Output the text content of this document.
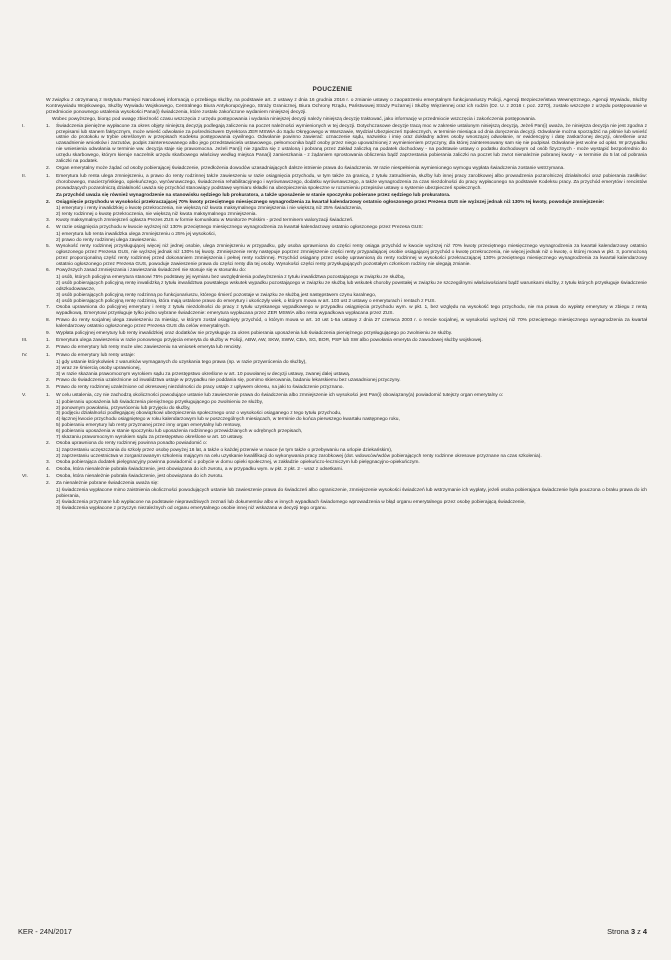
POUCZENIE
W związku z otrzymaną z Instytutu Pamięci Narodowej informacją o przebiegu służby, na podstawie art. 2 ustawy z dnia 16 grudnia 2016 r. o zmianie ustawy o zaopatrzeniu emerytalnym funkcjonariuszy Policji, Agencji Bezpieczeństwa Wewnętrznego, Agencji Wywiadu, Służby Kontrwywiadu Wojskowego, Służby Wywiadu Wojskowego, Centralnego Biura Antykorupcyjnego, Straży Granicznej, Biura Ochrony Rządu, Państwowej Straży Pożarnej i Służby Więziennej oraz ich rodzin (Dz. U. z 2016 r. poz. 2270), zostało wszczęte z urzędu postępowanie w przedmiocie ponownego ustalenia wysokości Pana(i) świadczenia, które zostało zakończone wydaniem niniejszej decyzji.
Wobec powyższego, biorąc pod uwagę zbieżność czasu wszczęcia z urzędu postępowania i wydania niniejszej decyzji należy niniejszą decyzję traktować, jako informację w przedmiocie wszczęcia i zakończenia postępowania.
I.	1.	Świadczenia pieniężne wypłacone za okres objęty niniejszą decyzją podlegają zaliczeniu na poczet należności wymienionych w tej decyzji. Dotychczasowe decyzje tracą moc w zakresie ustalonym niniejszą decyzją. Jeżeli Pan(i) uważa, że niniejsza decyzja nie jest zgodna z przepisami lub stanem faktycznym, może wnieść odwołanie za pośrednictwem Dyrektora ZER MSWiA do Sądu Okręgowego w Warszawie, Wydział Ubezpieczeń Społecznych, w terminie miesiąca od dnia doręczenia decyzji. Odwołanie można sporządzić na piśmie lub wnieść ustnie do protokołu w trybie określonym w przepisach Kodeksu postępowania cywilnego. Odwołanie powinno zawierać: oznaczenie sądu, nazwisko i imię oraz dokładny adres osoby wnoszącej odwołanie, nr ewidencyjny i datę zaskarżonej decyzji, określenie oraz uzasadnienie wniosków i zarzutów, podpis zainteresowanego albo jego przedstawiciela ustawowego, pełnomocnika bądź osoby przez niego upoważnionej z wymienieniem przyczyny, dla której zainteresowany sam się nie podpisał. Odwołanie jest wolne od opłat. W przypadku nie wniesienia odwołania w terminie ww. decyzja staje się prawomocna. Jeżeli Pan(i) nie zgadza się z ustaloną i pobraną przez Zakład zaliczką na podatek dochodowy - na podstawie ustawy o podatku dochodowym od osób fizycznych - może wystąpić bezpośrednio do urzędu skarbowego, którym kieruje naczelnik urzędu skarbowego właściwy według miejsca Pana(i) zamieszkania - z żądaniem sprostowania obliczenia bądź zaprzestania pobierania zaliczki na poczet lub zwrot nienależnie pobranej kwoty - w terminie do 5 lat od pobrania zaliczki na podatek.
2.	Organ emerytalny może żądać od osoby pobierającej świadczenie, przedłożenia dowodów uzasadniających dalsze istnienie prawa do świadczenia. W razie niespełnienia wymienionego wymogu wypłata świadczenia zostanie wstrzymana.
II.	1.	Emerytura lub renta ulega zmniejszeniu, a prawo do renty rodzinnej także zawieszeniu w razie osiągnięcia przychodu, w tym także za granicą, z tytułu zatrudnienia, służby lub innej pracy zarobkowej albo prowadzenia pozarolniczej działalności oraz pobierania zasiłków: chorobowego, macierzyńskiego, opiekuńczego, wyrównawczego, świadczenia rehabilitacyjnego i wyrównawczego, dodatku wyrównawczego, a także wynagrodzenia za czas niezdolności do pracy wypłaconego na podstawie Kodeksu pracy. Za przychód emerytów i rencistów prowadzących pozarolniczą działalność uważa się przychód stanowiący podstawę wymiaru składki na ubezpieczenia społeczne w rozumieniu przepisów ustawy o systemie ubezpieczeń społecznych.
Za przychód uważa się również wynagrodzenie na stanowisku sędziego lub prokuratora, a także uposażenie w stanie spoczynku pobierane przez sędziego lub prokuratora.
2.	Osiągnięcie przychodu w wysokości przekraczającej 70% kwoty przeciętnego miesięcznego wynagrodzenia za kwartał kalendarzowy ostatnio ogłoszonego przez Prezesa GUS nie wyższej jednak niż 130% tej kwoty, powoduje zmniejszenie:
1) emerytury i renty inwalidzkiej o kwotę przekroczenia, nie większą niż kwota maksymalnego zmniejszenia i nie większą niż 25% świadczenia,
2) renty rodzinnej o kwotę przekroczenia, nie większą niż kwota maksymalnego zmniejszenia.
3.	Kwoty maksymalnych zmniejszeń ogłasza Prezes ZUS w formie komunikatu w Monitorze Polskim - przed terminem waloryzacji świadczeń.
4.	W razie osiągnięcia przychodu w kwocie wyższej niż 130% przeciętnego miesięcznego wynagrodzenia za kwartał kalendarzowy ostatnio ogłoszonego przez Prezesa GUS:
1) emerytura lub renta inwalidzka ulega zmniejszeniu o 25% jej wysokości,
2) prawo do renty rodzinnej ulega zawieszeniu.
5.	Wysokość renty rodzinnej przysługującej więcej niż jednej osobie, ulega zmniejszeniu w przypadku, gdy osoba uprawniona do części renty osiąga przychód w kwocie wyższej niż 70% kwoty przeciętnego miesięcznego wynagrodzenia za kwartał kalendarzowy ostatnio ogłoszonego przez Prezesa GUS, nie wyższej jednak niż 130% tej kwoty. Zmniejszenie renty następuje poprzez zmniejszenie części renty przypadającej osobie osiągającej przychód o kwotę przekroczenia, nie więcej jednak niż o kwotę, o której mowa w pkt. 3, pomnożoną przez proporcjonalną część renty rodzinnej przed dokonaniem zmniejszenia i pełnej renty rodzinnej. Przychód osiągany przez osobę uprawnioną do renty rodzinnej w wysokości przekraczającej 130% przeciętnego miesięcznego wynagrodzenia za kwartał kalendarzowy ostatnio ogłoszonego przez Prezesa GUS, powoduje zawieszenie prawa do części renty dla tej osoby. Wysokości części renty przysługujących pozostałym członkom rodziny nie ulegają zmianie.
6.	Powyższych zasad zmniejszania i zawieszania świadczeń nie stosuje się w stosunku do:
1) osób, których policyjna emerytura stanowi 75% podstawy jej wymiaru bez uwzględnienia podwyższenia z tytułu inwalidztwa pozostającego w związku ze służbą,
2) osób pobierających policyjną rentę inwalidzką z tytułu inwalidztwa powstałego wskutek wypadku pozostającego w związku ze służbą lub wskutek choroby powstałej w związku ze szczególnymi właściwościami bądź warunkami służby, z tytułu których przysługuje świadczenie odszkodowawcze,
3) osób pobierających policyjną rentę rodzinną po funkcjonariuszu, którego śmierć pozostaje w związku ze służbą jest następstwem czynu karalnego,
4) osób pobierających policyjną rentę rodzinną, która mają ustalone prawo do emerytury i ukończyły wiek, o którym mowa w art. 103 ust 2 ustawy o emeryturach i rentach z FUS.
7.	Osoba uprawniona do policyjnej emerytury i renty z tytułu niezdolności do pracy z tytułu uzyskanego wypadkowego w przypadku osiągnięcia przychodu wym. w pkt. 1, bez względu na wysokość tego przychodu, nie ma prawa do wypłaty emerytury w zbiegu z rentą wypadkową. Emerytowi przysługuje tylko jedno wybrane świadczenie: emerytura wypłacana przez ZER MSWiA albo renta wypadkowa wypłacana przez ZUS.
8.	Prawo do renty socjalnej ulega zawieszeniu za miesiąc, w którym został osiągnięty przychód, o którym mowa w art. 10 ust 1-5a ustawy z dnia 27 czerwca 2003 r. o rencie socjalnej, w wysokości wyższej niż 70% przeciętnego miesięcznego wynagrodzenia za kwartał kalendarzowy ostatnio ogłoszonego przez Prezesa GUS dla celów emerytalnych.
9.	Wypłata policyjnej emerytury lub renty inwalidzkiej oraz dodatków nie przysługuje za okres pobierania uposażenia lub świadczenia pieniężnego przysługującego po zwolnieniu ze służby.
III.	1.	Emerytura ulega zawieszeniu w razie ponownego przyjęcia emeryta do służby w Policji, ABW, AW, SKW, SWW, CBA, SG, BOR, PSP lub SW albo powołania emeryta do zawodowej służby wojskowej.
2.	Prawo do emerytury lub renty może ulec zawieszeniu na wniosek emeryta lub rencisty.
IV.	1.	Prawo do emerytury lub renty ustaje:
1) gdy ustanie którykolwiek z warunków wymaganych do uzyskania tego prawa (np. w razie przywrócenia do służby),
2) wraz ze śmiercią osoby uprawnionej,
3) w razie skazania prawomocnym wyrokiem sądu za przestępstwo określone w art. 10 powołanej w decyzji ustawy, zwanej dalej ustawą.
2.	Prawo do świadczenia uzależnione od inwalidztwa ustaje w przypadku nie poddania się, pomimo skierowania, badaniu lekarskiemu bez uzasadnionej przyczyny.
3.	Prawo do renty rodzinnej uzależnione od okresowej niezdolności do pracy ustaje z upływem okresu, na jaki to świadczenie przyznano.
V.	1.	W celu ustalenia, czy nie zachodzą okoliczności powodujące ustanie lub zawieszenie prawa do świadczenia albo zmniejszenie ich wysokości jest Pan(i) obowiązany(a) powiadomić tutejszy organ emerytalny o:
1) pobieraniu uposażenia lub świadczenia pieniężnego przysługującego po zwolnieniu ze służby,
2) ponownym powołaniu, przywróceniu lub przyjęciu do służby,
3) podjęciu działalności podlegającej obowiązkowi ubezpieczenia społecznego oraz o wysokości osiąganego z tego tytułu przychodu,
4) łącznej kwocie przychodu osiągniętego w roku kalendarzowym lub w poszczególnych miesiącach, w terminie do końca pierwszego kwartału następnego roku,
5) pobieraniu emerytury lub renty przyznanej przez inny organ emerytalny lub rentowy,
6) pobieraniu uposażenia w stanie spoczynku lub uposażenia rodzinnego przewidzianych w odrębnych przepisach,
7) skazaniu prawomocnym wyrokiem sądu za przestępstwo określone w art. 10 ustawy.
2.	Osoba uprawniona do renty rodzinnej powinna ponadto powiadomić o:
1) zaprzestaniu uczęszczania do szkoły przez osobę powyżej 16 lat, a także o każdej przerwie w nauce (w tym także o przebywaniu na urlopie dziekańskim),
2) zaprzestaniu uczestnictwa w zorganizowanym szkoleniu mającym na celu uzyskanie kwalifikacji do wykonywania pracy zarobkowej (dot. wdowców/wdów pobierających renty rodzinne okresowe przyznane na czas szkolenia).
3.	Osoba pobierająca dodatek pielęgnacyjny powinna powiadomić o pobycie w domu opieki społecznej, w zakładzie opiekuńczo-leczniczym lub pielęgnacyjno-opiekuńczym.
4.	Osoba, która nienależnie pobrała świadczenie, jest obowiązana do ich zwrotu, a w przypadku wym. w pkt. 2 pkt. 2 - wraz z odsetkami.
VI.	1.	Osoba, która nienależnie pobrała świadczenie, jest obowiązana do ich zwrotu.
2.	Za nienależnie pobrane świadczenia uważa się:
1) świadczenia wypłacone mimo zaistnienia okoliczności powodujących ustanie lub zawieszenie prawa do świadczeń albo ograniczenie, zmniejszenie wysokości świadczeń lub wstrzymanie ich wypłaty, jeżeli osoba pobierająca świadczenie była pouczona o braku prawa do ich pobierania,
2) świadczenia przyznane lub wypłacone na podstawie nieprawdziwych zeznań lub dokumentów albo w innych wypadkach świadomego wprowadzenia w błąd organu emerytalnego przez osobę pobierającą świadczenie,
3) świadczenia wypłacone z przyczyn niezależnych od organu emerytalnego osobie innej niż wskazana w decyzji tego organu.
KER - 24N/2017	Strona 3 z 4
